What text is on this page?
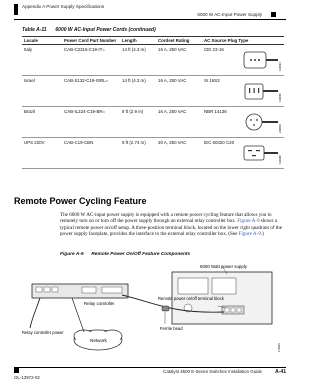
Appendix A Power Supply Specifications
6000 W AC-Input Power Supply
Table A-11 6000 W AC-Input Power Cords (continued)
Locale	Power Cord Part Number	Length	Cordset Rating	AC Source Plug Type
Italy	CAB-C2316-C19-IT=	14 ft (4.3 m)	16 A, 250 VAC	CEI 23-16
130094

Israel	CAB-S132-C19-ISRL=	14 ft (4.3 m)	16 A, 250 VAC	SI 16S3
130095

Brazil	CAB-IL224-C19-BR=	8 ft (2.9 m)	16 A, 250 VAC	NBR 14136
239954

UPS 220V	CAB-C19-CBN	9 ft (2.74 m)	20 A, 250 VAC	IEC 60320 C20
130096
Remote Power Cycling Feature
The 6000 W AC-input power supply is equipped with a remote power cycling feature that allows you to remotely turn on or turn off the power supply through an external relay controller box. Figure A-9 shows a typical remote power on/off setup. A three-position terminal block, located on the lower right quadrant of the power supply faceplate, provides the interface to the external relay controller box. (See Figure A-9.)
Figure A-9 Remote Power On/Off Feature Components
6000 Watt power supply
Relay controller
Remote power on/off terminal block
Ferrite bead
Network
Relay controller power
270953
Catalyst 4500 E-Series Switches Installation Guide
OL-13972-02
A-41
